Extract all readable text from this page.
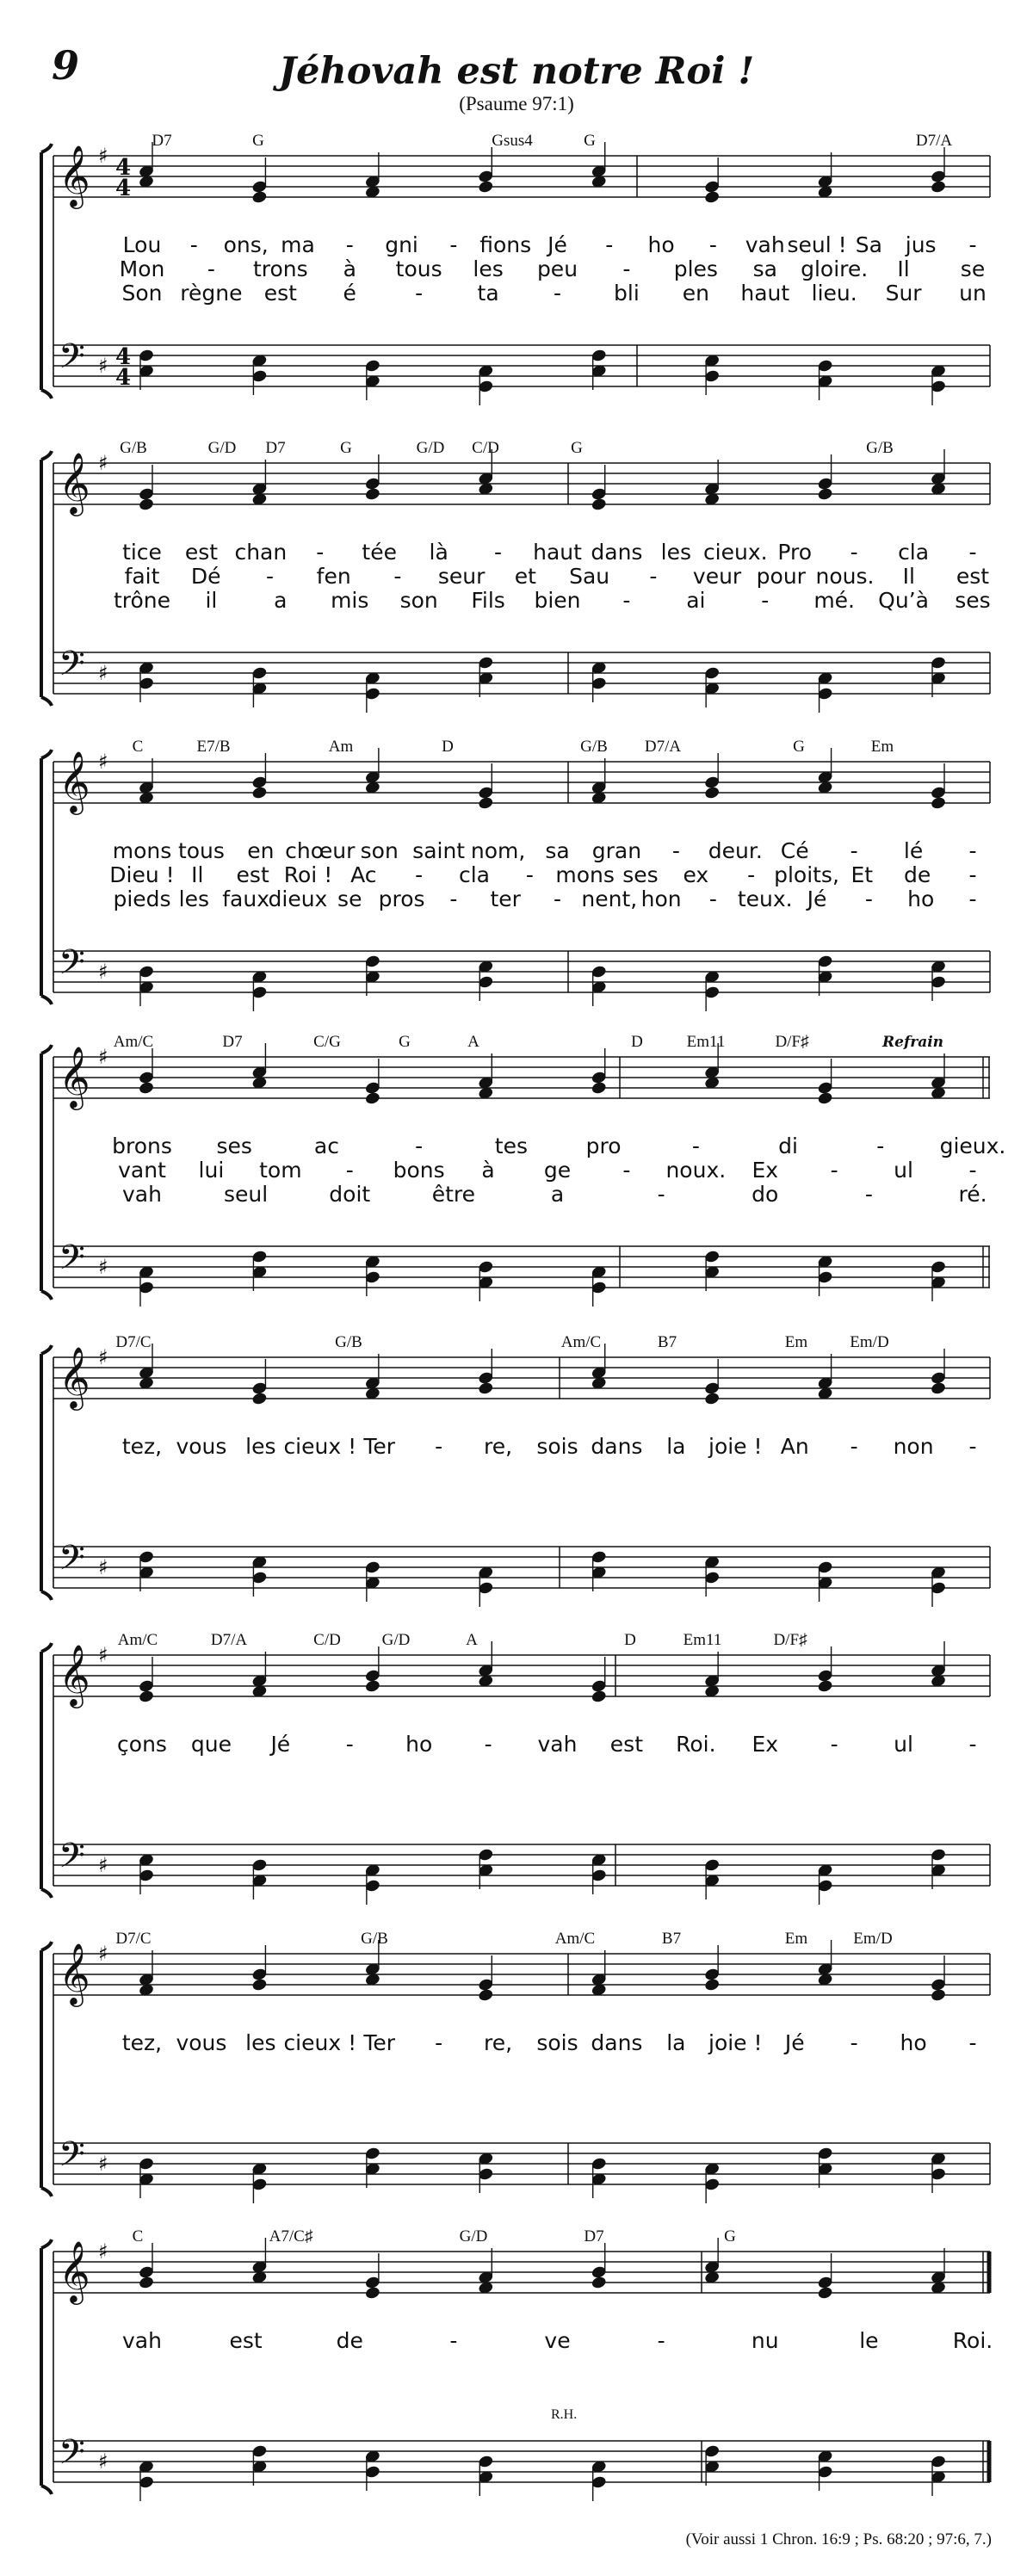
9	Jéhovah est notre Roi !
(Psaume 97:1)
𝄞
𝄢
♯
♯
4
4
4
4
D7	G	Gsus4	G	D7/A
Lou - ons, ma - gni - fions Jé - ho - vah seul ! Sa jus -
Mon - trons à tous les peu - ples sa gloire. Il se
Son règne est é	-	ta	- bli en haut lieu. Sur un
𝄞
𝄢
♯
♯
G/B	G/D D7	G	G/D C/D	G	G/B
tice est chan - tée là - haut dans les cieux. Pro - cla -
fait Dé - fen - seur et Sau - veur pour nous. Il est
trône il	a mis son Fils bien -	ai	- mé. Qu’à ses
𝄞
𝄢
♯
♯
C	E7/B	Am	D	G/B D7/A	G	Em
mons tous en chœur son saint nom, sa gran - deur. Cé - lé -
Dieu ! Il est Roi ! Ac - cla - mons ses ex - ploits, Et de -
pieds les faux
dieux se pros - ter - nent, hon - teux. Jé - ho -
𝄞
𝄢
♯
♯
Am/C	D7	C/G	G	A	D	Em11	D/F♯	Refrain
brons ses	ac	-	tes	pro	-	di	-	gieux.
vant lui tom - bons à ge - noux. Ex -	ul	-
vah	seul	doit	être	a	-	do	-	ré.
𝄞
𝄢
♯
♯
D7/C	G/B	Am/C	B7	Em	Em/D
tez, vous les cieux ! Ter - re, sois dans la joie ! An - non -
𝄞
𝄢
♯
♯
Am/C	D7/A	C/D	G/D	A	D	Em11	D/F♯
çons que Jé	- ho - vah est Roi. Ex -	ul	-
𝄞
𝄢
♯
♯
D7/C	G/B	Am/C	B7	Em	Em/D
tez, vous les cieux ! Ter - re, sois dans la joie ! Jé - ho -
𝄞
𝄢
♯
♯
C	A7/C♯	G/D	D7	G
R.H.
vah	est	de	-	ve	-	nu	le	Roi.
(Voir aussi 1 Chron. 16:9 ; Ps. 68:20 ; 97:6, 7.)
